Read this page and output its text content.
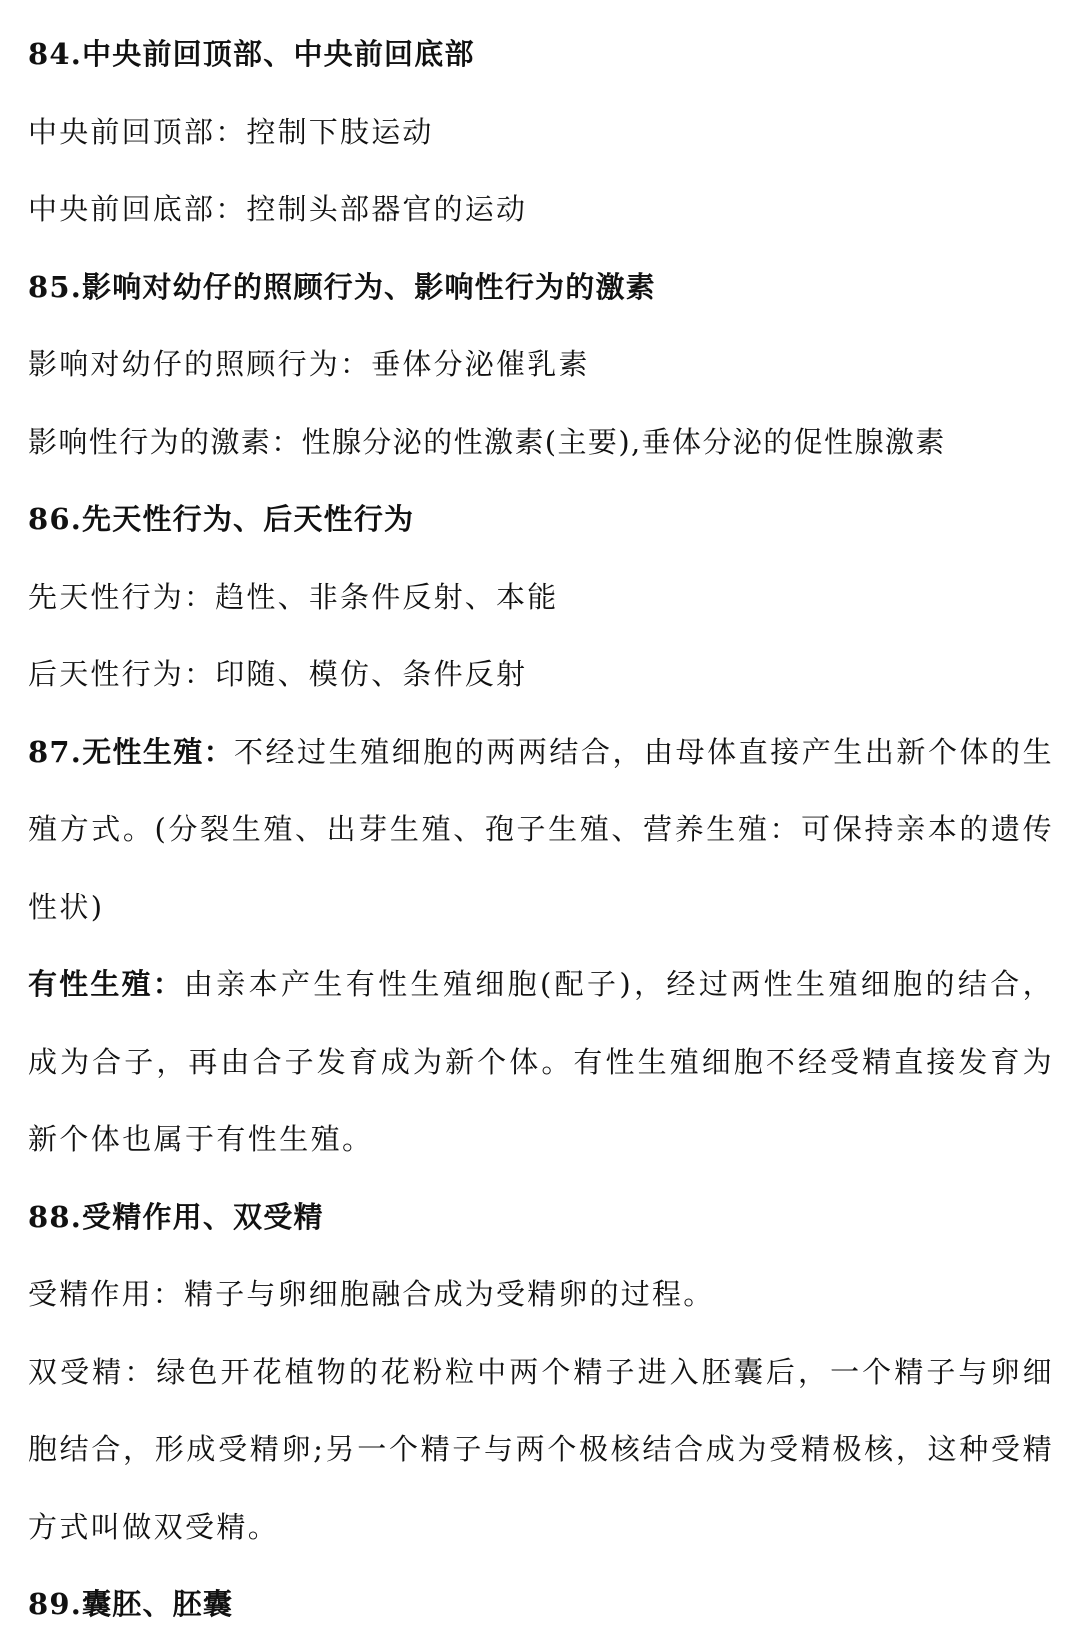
84.中央前回顶部、中央前回底部
中央前回顶部：控制下肢运动
中央前回底部：控制头部器官的运动
85.影响对幼仔的照顾行为、影响性行为的激素
影响对幼仔的照顾行为：垂体分泌催乳素
影响性行为的激素：性腺分泌的性激素(主要),垂体分泌的促性腺激素
86.先天性行为、后天性行为
先天性行为：趋性、非条件反射、本能
后天性行为：印随、模仿、条件反射
87.无性生殖：不经过生殖细胞的两两结合，由母体直接产生出新个体的生殖方式。(分裂生殖、出芽生殖、孢子生殖、营养生殖：可保持亲本的遗传性状)
有性生殖：由亲本产生有性生殖细胞(配子)，经过两性生殖细胞的结合，成为合子，再由合子发育成为新个体。有性生殖细胞不经受精直接发育为新个体也属于有性生殖。
88.受精作用、双受精
受精作用：精子与卵细胞融合成为受精卵的过程。
双受精：绿色开花植物的花粉粒中两个精子进入胚囊后，一个精子与卵细胞结合，形成受精卵;另一个精子与两个极核结合成为受精极核，这种受精方式叫做双受精。
89.囊胚、胚囊
